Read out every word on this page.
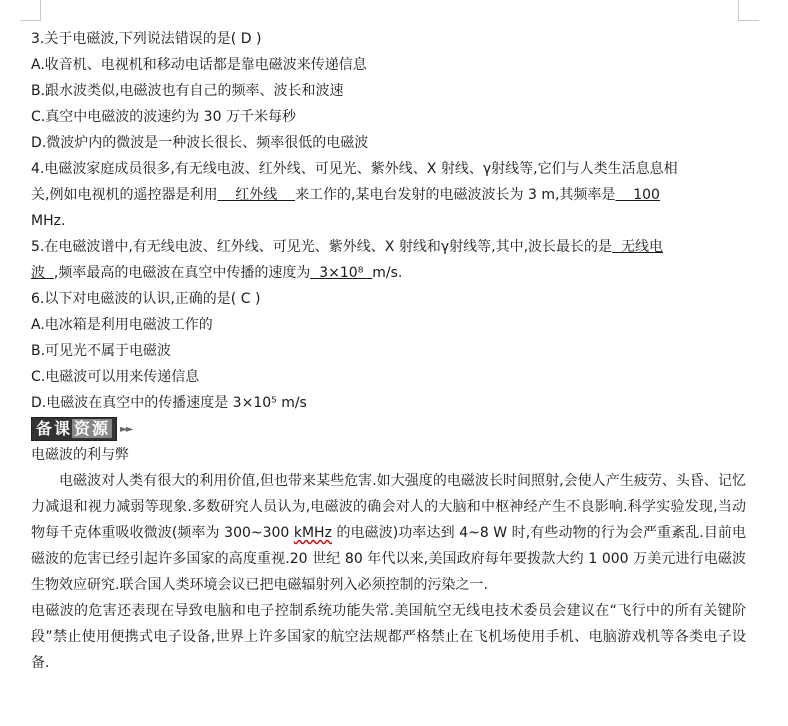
3.关于电磁波,下列说法错误的是( D )
A.收音机、电视机和移动电话都是靠电磁波来传递信息
B.跟水波类似,电磁波也有自己的频率、波长和波速
C.真空中电磁波的波速约为 30 万千米每秒
D.微波炉内的微波是一种波长很长、频率很低的电磁波
4.电磁波家庭成员很多,有无线电波、红外线、可见光、紫外线、X 射线、γ射线等,它们与人类生活息息相
关,例如电视机的遥控器是利用    红外线    来工作的,某电台发射的电磁波波长为 3 m,其频率是    100
MHz.
5.在电磁波谱中,有无线电波、红外线、可见光、紫外线、X 射线和γ射线等,其中,波长最长的是  无线电
波  ,频率最高的电磁波在真空中传播的速度为  3×10⁸  m/s.
6.以下对电磁波的认识,正确的是( C )
A.电冰箱是利用电磁波工作的
B.可见光不属于电磁波
C.电磁波可以用来传递信息
D.电磁波在真空中的传播速度是 3×10⁵ m/s
备课 资源	►►
电磁波的利与弊
电磁波对人类有很大的利用价值,但也带来某些危害.如大强度的电磁波长时间照射,会使人产生疲劳、头昏、记忆力减退和视力减弱等现象.多数研究人员认为,电磁波的确会对人的大脑和中枢神经产生不良影响.科学实验发现,当动物每千克体重吸收微波(频率为 300~300 kMHz 的电磁波)功率达到 4~8 W 时,有些动物的行为会严重紊乱.目前电磁波的危害已经引起许多国家的高度重视.20 世纪 80 年代以来,美国政府每年要拨款大约 1 000 万美元进行电磁波生物效应研究.联合国人类环境会议已把电磁辐射列入必须控制的污染之一.
电磁波的危害还表现在导致电脑和电子控制系统功能失常.美国航空无线电技术委员会建议在“飞行中的所有关键阶段”禁止使用便携式电子设备,世界上许多国家的航空法规都严格禁止在飞机场使用手机、电脑游戏机等各类电子设备.
